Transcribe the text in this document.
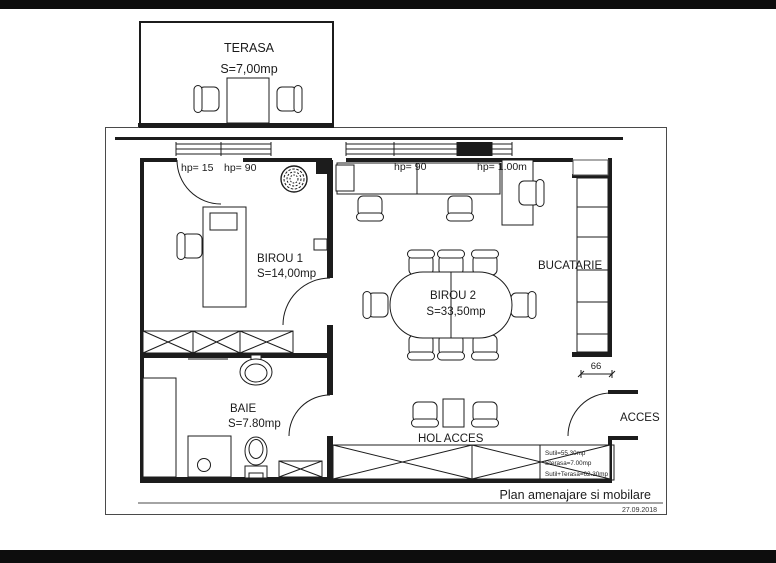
TERASA
S=7,00mp
66
hp= 15 hp= 90	hp= 90	hp= 1.00m
BIROU 1
S=14,00mp
BIROU 2
S=33,50mp
BUCATARIE
BAIE
S=7.80mp
HOL ACCES
ACCES
Sutil=55.30mp
Sterasa=7.00mp
Sutil+Terasa=62.30mp
Plan amenajare si mobilare
27.09.2018
